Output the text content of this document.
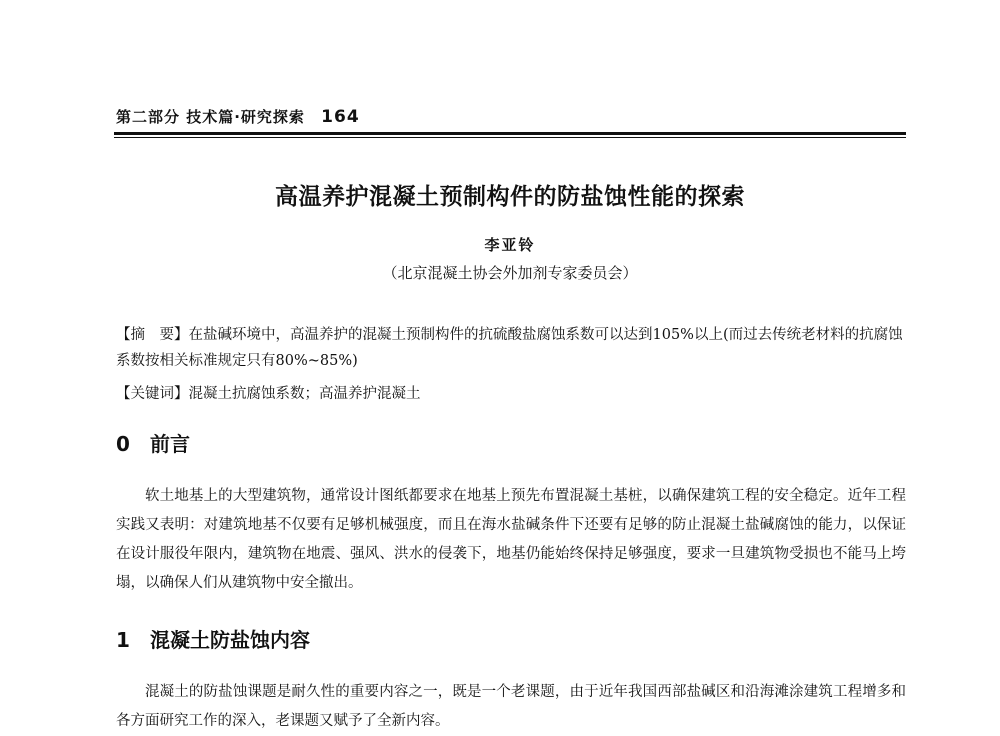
第二部分 技术篇·研究探索 164
高温养护混凝土预制构件的防盐蚀性能的探索
李亚铃
（北京混凝土协会外加剂专家委员会）
【摘　要】在盐碱环境中，高温养护的混凝土预制构件的抗硫酸盐腐蚀系数可以达到105%以上(而过去传统老材料的抗腐蚀系数按相关标准规定只有80%~85%)
【关键词】混凝土抗腐蚀系数；高温养护混凝土
0 前言
软土地基上的大型建筑物，通常设计图纸都要求在地基上预先布置混凝土基桩，以确保建筑工程的安全稳定。近年工程实践又表明：对建筑地基不仅要有足够机械强度，而且在海水盐碱条件下还要有足够的防止混凝土盐碱腐蚀的能力，以保证在设计服役年限内，建筑物在地震、强风、洪水的侵袭下，地基仍能始终保持足够强度，要求一旦建筑物受损也不能马上垮塌，以确保人们从建筑物中安全撤出。
1 混凝土防盐蚀内容
混凝土的防盐蚀课题是耐久性的重要内容之一，既是一个老课题，由于近年我国西部盐碱区和沿海滩涂建筑工程增多和各方面研究工作的深入，老课题又赋予了全新内容。
